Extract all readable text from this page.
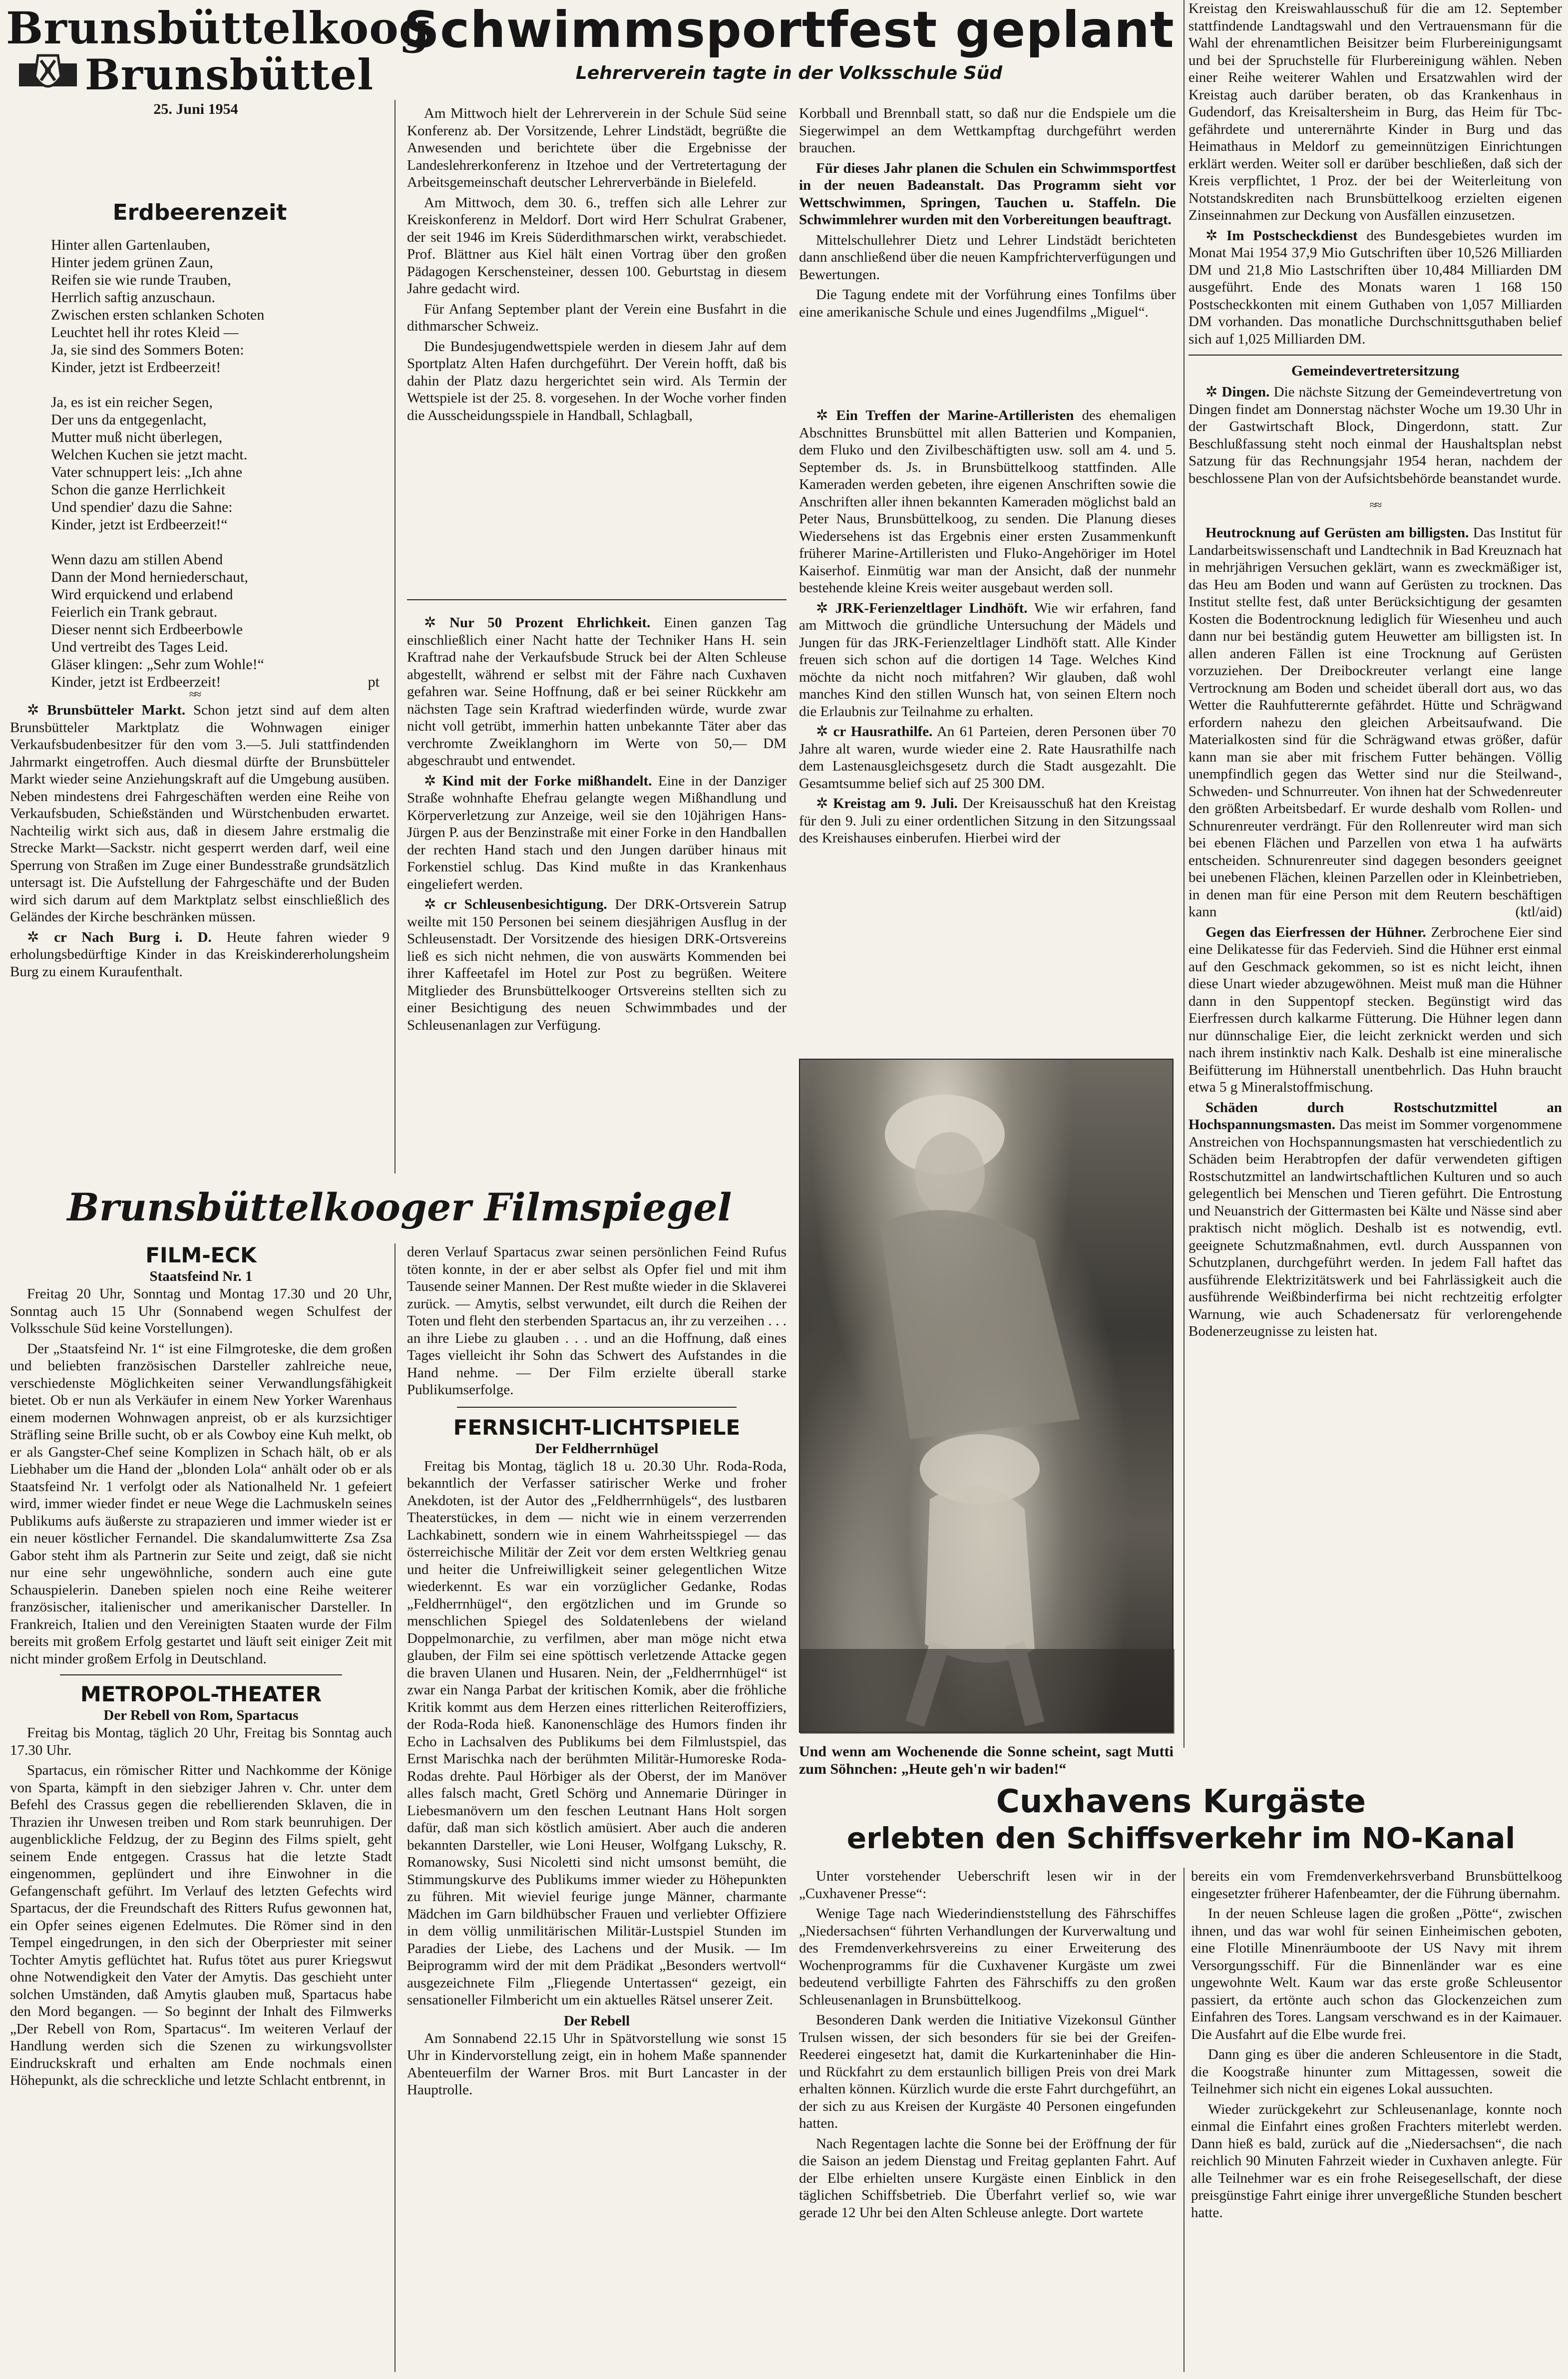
Brunsbüttelkoog
Brunsbüttel
25. Juni 1954
Erdbeerenzeit
Hinter allen Gartenlauben,
Hinter jedem grünen Zaun,
Reifen sie wie runde Trauben,
Herrlich saftig anzuschaun.
Zwischen ersten schlanken Schoten
Leuchtet hell ihr rotes Kleid —
Ja, sie sind des Sommers Boten:
Kinder, jetzt ist Erdbeerzeit!

Ja, es ist ein reicher Segen,
Der uns da entgegenlacht,
Mutter muß nicht überlegen,
Welchen Kuchen sie jetzt macht.
Vater schnuppert leis: „Ich ahne
Schon die ganze Herrlichkeit
Und spendier' dazu die Sahne:
Kinder, jetzt ist Erdbeerzeit!“

Wenn dazu am stillen Abend
Dann der Mond herniederschaut,
Wird erquickend und erlabend
Feierlich ein Trank gebraut.
Dieser nennt sich Erdbeerbowle
Und vertreibt des Tages Leid.
Gläser klingen: „Sehr zum Wohle!“
Kinder, jetzt ist Erdbeerzeit!	pt
≈≈

✲ Brunsbütteler Markt. Schon jetzt sind auf dem alten Brunsbütteler Marktplatz die Wohnwagen einiger Verkaufsbudenbesitzer für den vom 3.—5. Juli stattfindenden Jahrmarkt eingetroffen. Auch diesmal dürfte der Brunsbütteler Markt wieder seine Anziehungskraft auf die Umgebung ausüben. Neben mindestens drei Fahrgeschäften werden eine Reihe von Verkaufsbuden, Schießständen und Würstchenbuden erwartet. Nachteilig wirkt sich aus, daß in diesem Jahre erstmalig die Strecke Markt—Sackstr. nicht gesperrt werden darf, weil eine Sperrung von Straßen im Zuge einer Bundesstraße grundsätzlich untersagt ist. Die Aufstellung der Fahrgeschäfte und der Buden wird sich darum auf dem Marktplatz selbst einschließlich des Geländes der Kirche beschränken müssen.

✲ cr Nach Burg i. D. Heute fahren wieder 9 erholungsbedürftige Kinder in das Kreiskindererholungsheim Burg zu einem Kuraufenthalt.

Schwimmsportfest geplant
Lehrerverein tagte in der Volksschule Süd

Am Mittwoch hielt der Lehrerverein in der Schule Süd seine Konferenz ab. Der Vorsitzende, Lehrer Lindstädt, begrüßte die Anwesenden und berichtete über die Ergebnisse der Landeslehrerkonferenz in Itzehoe und der Vertretertagung der Arbeitsgemeinschaft deutscher Lehrerverbände in Bielefeld.

Am Mittwoch, dem 30. 6., treffen sich alle Lehrer zur Kreiskonferenz in Meldorf. Dort wird Herr Schulrat Grabener, der seit 1946 im Kreis Süderdithmarschen wirkt, verabschiedet. Prof. Blättner aus Kiel hält einen Vortrag über den großen Pädagogen Kerschensteiner, dessen 100. Geburtstag in diesem Jahre gedacht wird.

Für Anfang September plant der Verein eine Busfahrt in die dithmarscher Schweiz.

Die Bundesjugendwettspiele werden in diesem Jahr auf dem Sportplatz Alten Hafen durchgeführt. Der Verein hofft, daß bis dahin der Platz dazu hergerichtet sein wird. Als Termin der Wettspiele ist der 25. 8. vorgesehen. In der Woche vorher finden die Ausscheidungsspiele in Handball, Schlagball,

Korbball und Brennball statt, so daß nur die Endspiele um die Siegerwimpel an dem Wettkampftag durchgeführt werden brauchen.

Für dieses Jahr planen die Schulen ein Schwimmsportfest in der neuen Badeanstalt. Das Programm sieht vor Wettschwimmen, Springen, Tauchen u. Staffeln. Die Schwimmlehrer wurden mit den Vorbereitungen beauftragt.

Mittelschullehrer Dietz und Lehrer Lindstädt berichteten dann anschließend über die neuen Kampfrichterverfügungen und Bewertungen.

Die Tagung endete mit der Vorführung eines Tonfilms über eine amerikanische Schule und eines Jugendfilms „Miguel“.

✲ Nur 50 Prozent Ehrlichkeit. Einen ganzen Tag einschließlich einer Nacht hatte der Techniker Hans H. sein Kraftrad nahe der Verkaufsbude Struck bei der Alten Schleuse abgestellt, während er selbst mit der Fähre nach Cuxhaven gefahren war. Seine Hoffnung, daß er bei seiner Rückkehr am nächsten Tage sein Kraftrad wiederfinden würde, wurde zwar nicht voll getrübt, immerhin hatten unbekannte Täter aber das verchromte Zweiklanghorn im Werte von 50,— DM abgeschraubt und entwendet.

✲ Kind mit der Forke mißhandelt. Eine in der Danziger Straße wohnhafte Ehefrau gelangte wegen Mißhandlung und Körperverletzung zur Anzeige, weil sie den 10jährigen Hans-Jürgen P. aus der Benzinstraße mit einer Forke in den Handballen der rechten Hand stach und den Jungen darüber hinaus mit Forkenstiel schlug. Das Kind mußte in das Krankenhaus eingeliefert werden.

✲ cr Schleusenbesichtigung. Der DRK-Ortsverein Satrup weilte mit 150 Personen bei seinem diesjährigen Ausflug in der Schleusenstadt. Der Vorsitzende des hiesigen DRK-Ortsvereins ließ es sich nicht nehmen, die von auswärts Kommenden bei ihrer Kaffeetafel im Hotel zur Post zu begrüßen. Weitere Mitglieder des Brunsbüttelkooger Ortsvereins stellten sich zu einer Besichtigung des neuen Schwimmbades und der Schleusenanlagen zur Verfügung.

✲ Ein Treffen der Marine-Artilleristen des ehemaligen Abschnittes Brunsbüttel mit allen Batterien und Kompanien, dem Fluko und den Zivilbeschäftigten usw. soll am 4. und 5. September ds. Js. in Brunsbüttelkoog stattfinden. Alle Kameraden werden gebeten, ihre eigenen Anschriften sowie die Anschriften aller ihnen bekannten Kameraden möglichst bald an Peter Naus, Brunsbüttelkoog, zu senden. Die Planung dieses Wiedersehens ist das Ergebnis einer ersten Zusammenkunft früherer Marine-Artilleristen und Fluko-Angehöriger im Hotel Kaiserhof. Einmütig war man der Ansicht, daß der nunmehr bestehende kleine Kreis weiter ausgebaut werden soll.

✲ JRK-Ferienzeltlager Lindhöft. Wie wir erfahren, fand am Mittwoch die gründliche Untersuchung der Mädels und Jungen für das JRK-Ferienzeltlager Lindhöft statt. Alle Kinder freuen sich schon auf die dortigen 14 Tage. Welches Kind möchte da nicht noch mitfahren? Wir glauben, daß wohl manches Kind den stillen Wunsch hat, von seinen Eltern noch die Erlaubnis zur Teilnahme zu erhalten.

✲ cr Hausrathilfe. An 61 Parteien, deren Personen über 70 Jahre alt waren, wurde wieder eine 2. Rate Hausrathilfe nach dem Lastenausgleichsgesetz durch die Stadt ausgezahlt. Die Gesamtsumme belief sich auf 25 300 DM.

✲ Kreistag am 9. Juli. Der Kreisausschuß hat den Kreistag für den 9. Juli zu einer ordentlichen Sitzung in den Sitzungssaal des Kreishauses einberufen. Hierbei wird der

Und wenn am Wochenende die Sonne scheint, sagt Mutti zum Söhnchen: „Heute geh'n wir baden!“

Kreistag den Kreiswahlausschuß für die am 12. September stattfindende Landtagswahl und den Vertrauensmann für die Wahl der ehrenamtlichen Beisitzer beim Flurbereinigungsamt und bei der Spruchstelle für Flurbereinigung wählen. Neben einer Reihe weiterer Wahlen und Ersatzwahlen wird der Kreistag auch darüber beraten, ob das Krankenhaus in Gudendorf, das Kreisaltersheim in Burg, das Heim für Tbc-gefährdete und unterernährte Kinder in Burg und das Heimathaus in Meldorf zu gemeinnützigen Einrichtungen erklärt werden. Weiter soll er darüber beschließen, daß sich der Kreis verpflichtet, 1 Proz. der bei der Weiterleitung von Notstandskrediten nach Brunsbüttelkoog erzielten eigenen Zinseinnahmen zur Deckung von Ausfällen einzusetzen.

✲ Im Postscheckdienst des Bundesgebietes wurden im Monat Mai 1954 37,9 Mio Gutschriften über 10,526 Milliarden DM und 21,8 Mio Lastschriften über 10,484 Milliarden DM ausgeführt. Ende des Monats waren 1 168 150 Postscheckkonten mit einem Guthaben von 1,057 Milliarden DM vorhanden. Das monatliche Durchschnittsguthaben belief sich auf 1,025 Milliarden DM.

Gemeindevertretersitzung

✲ Dingen. Die nächste Sitzung der Gemeindevertretung von Dingen findet am Donnerstag nächster Woche um 19.30 Uhr in der Gastwirtschaft Block, Dingerdonn, statt. Zur Beschlußfassung steht noch einmal der Haushaltsplan nebst Satzung für das Rechnungsjahr 1954 heran, nachdem der beschlossene Plan von der Aufsichtsbehörde beanstandet wurde.

≈≈

Heutrocknung auf Gerüsten am billigsten. Das Institut für Landarbeitswissenschaft und Landtechnik in Bad Kreuznach hat in mehrjährigen Versuchen geklärt, wann es zweckmäßiger ist, das Heu am Boden und wann auf Gerüsten zu trocknen. Das Institut stellte fest, daß unter Berücksichtigung der gesamten Kosten die Bodentrocknung lediglich für Wiesenheu und auch dann nur bei beständig gutem Heuwetter am billigsten ist. In allen anderen Fällen ist eine Trocknung auf Gerüsten vorzuziehen. Der Dreibockreuter verlangt eine lange Vertrocknung am Boden und scheidet überall dort aus, wo das Wetter die Rauhfutterernte gefährdet. Hütte und Schrägwand erfordern nahezu den gleichen Arbeitsaufwand. Die Materialkosten sind für die Schrägwand etwas größer, dafür kann man sie aber mit frischem Futter behängen. Völlig unempfindlich gegen das Wetter sind nur die Steilwand-, Schweden- und Schnurreuter. Von ihnen hat der Schwedenreuter den größten Arbeitsbedarf. Er wurde deshalb vom Rollen- und Schnurenreuter verdrängt. Für den Rollenreuter wird man sich bei ebenen Flächen und Parzellen von etwa 1 ha aufwärts entscheiden. Schnurenreuter sind dagegen besonders geeignet bei unebenen Flächen, kleinen Parzellen oder in Kleinbetrieben, in denen man für eine Person mit dem Reutern beschäftigen kann	(ktl/aid)

Gegen das Eierfressen der Hühner. Zerbrochene Eier sind eine Delikatesse für das Federvieh. Sind die Hühner erst einmal auf den Geschmack gekommen, so ist es nicht leicht, ihnen diese Unart wieder abzugewöhnen. Meist muß man die Hühner dann in den Suppentopf stecken. Begünstigt wird das Eierfressen durch kalkarme Fütterung. Die Hühner legen dann nur dünnschalige Eier, die leicht zerknickt werden und sich nach ihrem instinktiv nach Kalk. Deshalb ist eine mineralische Beifütterung im Hühnerstall unentbehrlich. Das Huhn braucht etwa 5 g Mineralstoffmischung.

Schäden durch Rostschutzmittel an Hochspannungsmasten. Das meist im Sommer vorgenommene Anstreichen von Hochspannungsmasten hat verschiedentlich zu Schäden beim Herabtropfen der dafür verwendeten giftigen Rostschutzmittel an landwirtschaftlichen Kulturen und so auch gelegentlich bei Menschen und Tieren geführt. Die Entrostung und Neuanstrich der Gittermasten bei Kälte und Nässe sind aber praktisch nicht möglich. Deshalb ist es notwendig, evtl. geeignete Schutzmaßnahmen, evtl. durch Ausspannen von Schutzplanen, durchgeführt werden. In jedem Fall haftet das ausführende Elektrizitätswerk und bei Fahrlässigkeit auch die ausführende Weißbinderfirma bei nicht rechtzeitig erfolgter Warnung, wie auch Schadenersatz für verlorengehende Bodenerzeugnisse zu leisten hat.

Brunsbüttelkooger Filmspiegel
FILM-ECK
Staatsfeind Nr. 1

Freitag 20 Uhr, Sonntag und Montag 17.30 und 20 Uhr, Sonntag auch 15 Uhr (Sonnabend wegen Schulfest der Volksschule Süd keine Vorstellungen).

Der „Staatsfeind Nr. 1“ ist eine Filmgroteske, die dem großen und beliebten französischen Darsteller zahlreiche neue, verschiedenste Möglichkeiten seiner Verwandlungsfähigkeit bietet. Ob er nun als Verkäufer in einem New Yorker Warenhaus einem modernen Wohnwagen anpreist, ob er als kurzsichtiger Sträfling seine Brille sucht, ob er als Cowboy eine Kuh melkt, ob er als Gangster-Chef seine Komplizen in Schach hält, ob er als Liebhaber um die Hand der „blonden Lola“ anhält oder ob er als Staatsfeind Nr. 1 verfolgt oder als Nationalheld Nr. 1 gefeiert wird, immer wieder findet er neue Wege die Lachmuskeln seines Publikums aufs äußerste zu strapazieren und immer wieder ist er ein neuer köstlicher Fernandel. Die skandalumwitterte Zsa Zsa Gabor steht ihm als Partnerin zur Seite und zeigt, daß sie nicht nur eine sehr ungewöhnliche, sondern auch eine gute Schauspielerin. Daneben spielen noch eine Reihe weiterer französischer, italienischer und amerikanischer Darsteller. In Frankreich, Italien und den Vereinigten Staaten wurde der Film bereits mit großem Erfolg gestartet und läuft seit einiger Zeit mit nicht minder großem Erfolg in Deutschland.

METROPOL-THEATER
Der Rebell von Rom, Spartacus

Freitag bis Montag, täglich 20 Uhr, Freitag bis Sonntag auch 17.30 Uhr.

Spartacus, ein römischer Ritter und Nachkomme der Könige von Sparta, kämpft in den siebziger Jahren v. Chr. unter dem Befehl des Crassus gegen die rebellierenden Sklaven, die in Thrazien ihr Unwesen treiben und Rom stark beunruhigen. Der augenblickliche Feldzug, der zu Beginn des Films spielt, geht seinem Ende entgegen. Crassus hat die letzte Stadt eingenommen, geplündert und ihre Einwohner in die Gefangenschaft geführt. Im Verlauf des letzten Gefechts wird Spartacus, der die Freundschaft des Ritters Rufus gewonnen hat, ein Opfer seines eigenen Edelmutes. Die Römer sind in den Tempel eingedrungen, in den sich der Oberpriester mit seiner Tochter Amytis geflüchtet hat. Rufus tötet aus purer Kriegswut ohne Notwendigkeit den Vater der Amytis. Das geschieht unter solchen Umständen, daß Amytis glauben muß, Spartacus habe den Mord begangen. — So beginnt der Inhalt des Filmwerks „Der Rebell von Rom, Spartacus“. Im weiteren Verlauf der Handlung werden sich die Szenen zu wirkungsvollster Eindruckskraft und erhalten am Ende nochmals einen Höhepunkt, als die schreckliche und letzte Schlacht entbrennt, in

deren Verlauf Spartacus zwar seinen persönlichen Feind Rufus töten konnte, in der er aber selbst als Opfer fiel und mit ihm Tausende seiner Mannen. Der Rest mußte wieder in die Sklaverei zurück. — Amytis, selbst verwundet, eilt durch die Reihen der Toten und fleht den sterbenden Spartacus an, ihr zu verzeihen . . . an ihre Liebe zu glauben . . . und an die Hoffnung, daß eines Tages vielleicht ihr Sohn das Schwert des Aufstandes in die Hand nehme. — Der Film erzielte überall starke Publikumserfolge.

FERNSICHT-LICHTSPIELE
Der Feldherrnhügel

Freitag bis Montag, täglich 18 u. 20.30 Uhr. Roda-Roda, bekanntlich der Verfasser satirischer Werke und froher Anekdoten, ist der Autor des „Feldherrnhügels“, des lustbaren Theaterstückes, in dem — nicht wie in einem verzerrenden Lachkabinett, sondern wie in einem Wahrheitsspiegel — das österreichische Militär der Zeit vor dem ersten Weltkrieg genau und heiter die Unfreiwilligkeit seiner gelegentlichen Witze wiederkennt. Es war ein vorzüglicher Gedanke, Rodas „Feldherrnhügel“, den ergötzlichen und im Grunde so menschlichen Spiegel des Soldatenlebens der wieland Doppelmonarchie, zu verfilmen, aber man möge nicht etwa glauben, der Film sei eine spöttisch verletzende Attacke gegen die braven Ulanen und Husaren. Nein, der „Feldherrnhügel“ ist zwar ein Nanga Parbat der kritischen Komik, aber die fröhliche Kritik kommt aus dem Herzen eines ritterlichen Reiteroffiziers, der Roda-Roda hieß. Kanonenschläge des Humors finden ihr Echo in Lachsalven des Publikums bei dem Filmlustspiel, das Ernst Marischka nach der berühmten Militär-Humoreske Roda-Rodas drehte. Paul Hörbiger als der Oberst, der im Manöver alles falsch macht, Gretl Schörg und Annemarie Düringer in Liebesmanövern um den feschen Leutnant Hans Holt sorgen dafür, daß man sich köstlich amüsiert. Aber auch die anderen bekannten Darsteller, wie Loni Heuser, Wolfgang Lukschy, R. Romanowsky, Susi Nicoletti sind nicht umsonst bemüht, die Stimmungskurve des Publikums immer wieder zu Höhepunkten zu führen. Mit wieviel feurige junge Männer, charmante Mädchen im Garn bildhübscher Frauen und verliebter Offiziere in dem völlig unmilitärischen Militär-Lustspiel Stunden im Paradies der Liebe, des Lachens und der Musik. — Im Beiprogramm wird der mit dem Prädikat „Besonders wertvoll“ ausgezeichnete Film „Fliegende Untertassen“ gezeigt, ein sensationeller Filmbericht um ein aktuelles Rätsel unserer Zeit.

Der Rebell

Am Sonnabend 22.15 Uhr in Spätvorstellung wie sonst 15 Uhr in Kindervorstellung zeigt, ein in hohem Maße spannender Abenteuerfilm der Warner Bros. mit Burt Lancaster in der Hauptrolle.

Cuxhavens Kurgäste
erlebten den Schiffsverkehr im NO-Kanal

Unter vorstehender Ueberschrift lesen wir in der „Cuxhavener Presse“:

Wenige Tage nach Wiederindienststellung des Fährschiffes „Niedersachsen“ führten Verhandlungen der Kurverwaltung und des Fremdenverkehrsvereins zu einer Erweiterung des Wochenprogramms für die Cuxhavener Kurgäste um zwei bedeutend verbilligte Fahrten des Fährschiffs zu den großen Schleusenanlagen in Brunsbüttelkoog.

Besonderen Dank werden die Initiative Vizekonsul Günther Trulsen wissen, der sich besonders für sie bei der Greifen-Reederei eingesetzt hat, damit die Kurkarteninhaber die Hin- und Rückfahrt zu dem erstaunlich billigen Preis von drei Mark erhalten können. Kürzlich wurde die erste Fahrt durchgeführt, an der sich zu aus Kreisen der Kurgäste 40 Personen eingefunden hatten.

Nach Regentagen lachte die Sonne bei der Eröffnung der für die Saison an jedem Dienstag und Freitag geplanten Fahrt. Auf der Elbe erhielten unsere Kurgäste einen Einblick in den täglichen Schiffsbetrieb. Die Überfahrt verlief so, wie war gerade 12 Uhr bei den Alten Schleuse anlegte. Dort wartete

bereits ein vom Fremdenverkehrsverband Brunsbüttelkoog eingesetzter früherer Hafenbeamter, der die Führung übernahm.

In der neuen Schleuse lagen die großen „Pötte“, zwischen ihnen, und das war wohl für seinen Einheimischen geboten, eine Flotille Minenräumboote der US Navy mit ihrem Versorgungsschiff. Für die Binnenländer war es eine ungewohnte Welt. Kaum war das erste große Schleusentor passiert, da ertönte auch schon das Glockenzeichen zum Einfahren des Tores. Langsam verschwand es in der Kaimauer. Die Ausfahrt auf die Elbe wurde frei.

Dann ging es über die anderen Schleusentore in die Stadt, die Koogstraße hinunter zum Mittagessen, soweit die Teilnehmer sich nicht ein eigenes Lokal aussuchten.

Wieder zurückgekehrt zur Schleusenanlage, konnte noch einmal die Einfahrt eines großen Frachters miterlebt werden. Dann hieß es bald, zurück auf die „Niedersachsen“, die nach reichlich 90 Minuten Fahrzeit wieder in Cuxhaven anlegte. Für alle Teilnehmer war es ein frohe Reisegesellschaft, der diese preisgünstige Fahrt einige ihrer unvergeßliche Stunden beschert hatte.
